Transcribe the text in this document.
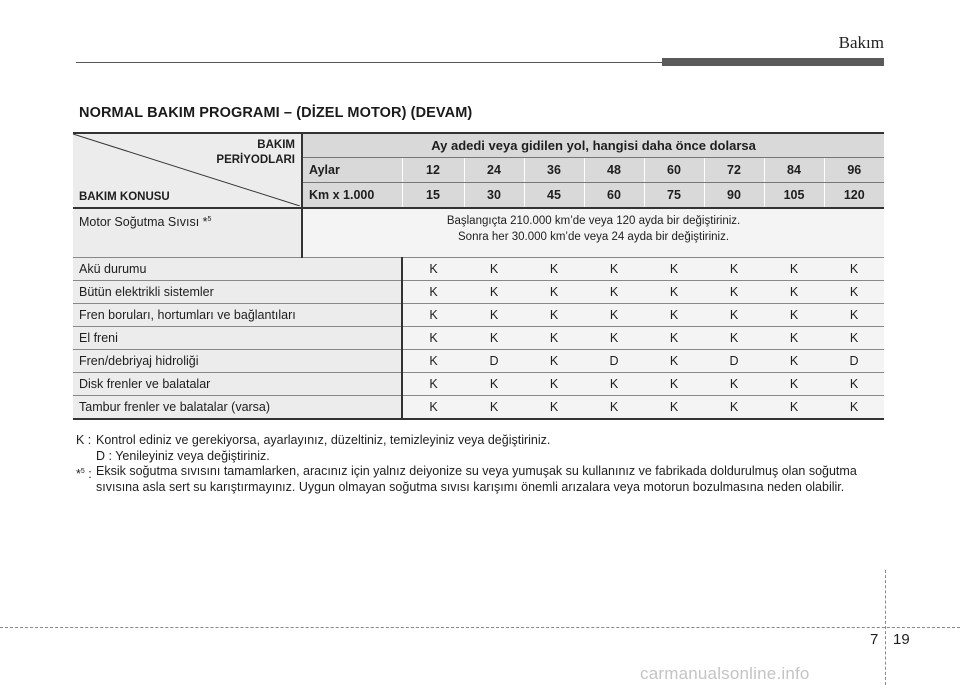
Bakım
NORMAL BAKIM PROGRAMI – (DİZEL MOTOR) (DEVAM)
BAKIM
PERİYODLARI
BAKIM KONUSU	Ay adedi veya gidilen yol, hangisi daha önce dolarsa								
	Aylar	12	24	36	48	60	72	84	96
	Km x 1.000	15	30	45	60	75	90	105	120
Motor Soğutma Sıvısı *$^5$	Başlangıçta 210.000 km’de veya 120 ayda bir değiştiriniz.
Sonra her 30.000 km’de veya 24 ayda bir değiştiriniz.								

Akü durumu		K	K	K	K	K	K	K	K
Bütün elektrikli sistemler		K	K	K	K	K	K	K	K
Fren boruları, hortumları ve bağlantıları		K	K	K	K	K	K	K	K
El freni		K	K	K	K	K	K	K	K
Fren/debriyaj hidroliği		K	D	K	D	K	D	K	D
Disk frenler ve balatalar		K	K	K	K	K	K	K	K
Tambur frenler ve balatalar (varsa)		K	K	K	K	K	K	K	K
K : Kontrol ediniz ve gerekiyorsa, ayarlayınız, düzeltiniz, temizleyiniz veya değiştiriniz.
D : Yenileyiniz veya değiştiriniz.
*$^5$ : Eksik soğutma sıvısını tamamlarken, aracınız için yalnız deiyonize su veya yumuşak su kullanınız ve fabrikada doldurulmuş olan soğutma sıvısına asla sert su karıştırmayınız. Uygun olmayan soğutma sıvısı karışımı önemli arızalara veya motorun bozulmasına neden olabilir.
7 19
carmanualsonline.info
